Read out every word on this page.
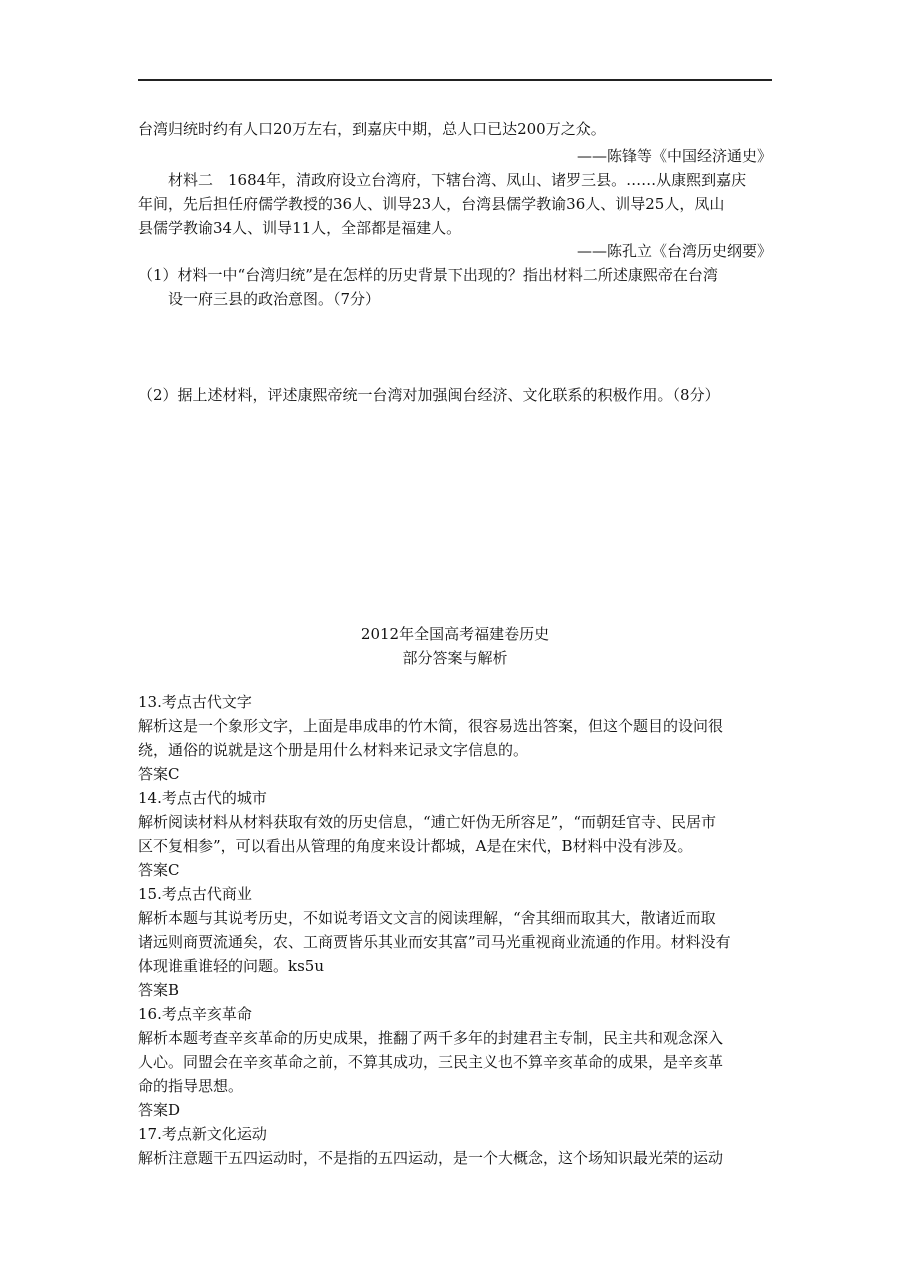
台湾归统时约有人口20万左右，到嘉庆中期，总人口已达200万之众。
——陈锋等《中国经济通史》
　　材料二　1684年，清政府设立台湾府，下辖台湾、凤山、诸罗三县。……从康熙到嘉庆
年间，先后担任府儒学教授的36人、训导23人，台湾县儒学教谕36人、训导25人，凤山
县儒学教谕34人、训导11人，全部都是福建人。
——陈孔立《台湾历史纲要》
（1）材料一中“台湾归统”是在怎样的历史背景下出现的？指出材料二所述康熙帝在台湾
　　设一府三县的政治意图。（7分）
（2）据上述材料，评述康熙帝统一台湾对加强闽台经济、文化联系的积极作用。（8分）
2012年全国高考福建卷历史
部分答案与解析
13.考点古代文字
解析这是一个象形文字，上面是串成串的竹木简，很容易选出答案，但这个题目的设问很
绕，通俗的说就是这个册是用什么材料来记录文字信息的。
答案C
14.考点古代的城市
解析阅读材料从材料获取有效的历史信息，“逋亡奸伪无所容足”，“而朝廷官寺、民居市
区不复相参”，可以看出从管理的角度来设计都城，A是在宋代，B材料中没有涉及。
答案C
15.考点古代商业
解析本题与其说考历史，不如说考语文文言的阅读理解，“舍其细而取其大，散诸近而取
诸远则商贾流通矣，农、工商贾皆乐其业而安其富”司马光重视商业流通的作用。材料没有
体现谁重谁轻的问题。ks5u
答案B
16.考点辛亥革命
解析本题考查辛亥革命的历史成果，推翻了两千多年的封建君主专制，民主共和观念深入
人心。同盟会在辛亥革命之前，不算其成功，三民主义也不算辛亥革命的成果，是辛亥革
命的指导思想。
答案D
17.考点新文化运动
解析注意题干五四运动时，不是指的五四运动，是一个大概念，这个场知识最光荣的运动
